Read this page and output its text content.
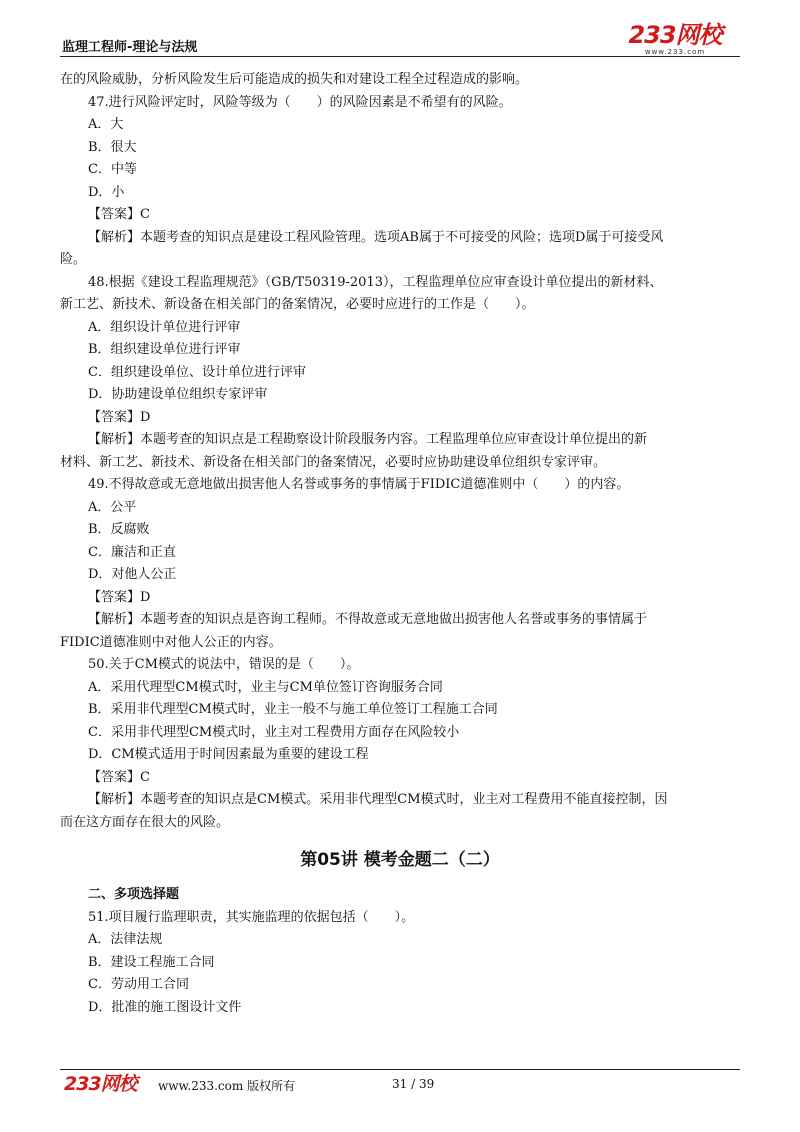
监理工程师-理论与法规	233网校
www.233.com
在的风险威胁，分析风险发生后可能造成的损失和对建设工程全过程造成的影响。
47.进行风险评定时，风险等级为（　　）的风险因素是不希望有的风险。
A．大
B．很大
C．中等
D．小
【答案】C
【解析】本题考查的知识点是建设工程风险管理。选项AB属于不可接受的风险；选项D属于可接受风
险。
48.根据《建设工程监理规范》（GB/T50319-2013），工程监理单位应审查设计单位提出的新材料、
新工艺、新技术、新设备在相关部门的备案情况，必要时应进行的工作是（　　）。
A．组织设计单位进行评审
B．组织建设单位进行评审
C．组织建设单位、设计单位进行评审
D．协助建设单位组织专家评审
【答案】D
【解析】本题考查的知识点是工程勘察设计阶段服务内容。工程监理单位应审查设计单位提出的新
材料、新工艺、新技术、新设备在相关部门的备案情况，必要时应协助建设单位组织专家评审。
49.不得故意或无意地做出损害他人名誉或事务的事情属于FIDIC道德准则中（　　）的内容。
A．公平
B．反腐败
C．廉洁和正直
D．对他人公正
【答案】D
【解析】本题考查的知识点是咨询工程师。不得故意或无意地做出损害他人名誉或事务的事情属于
FIDIC道德准则中对他人公正的内容。
50.关于CM模式的说法中，错误的是（　　）。
A．采用代理型CM模式时，业主与CM单位签订咨询服务合同
B．采用非代理型CM模式时，业主一般不与施工单位签订工程施工合同
C．采用非代理型CM模式时，业主对工程费用方面存在风险较小
D．CM模式适用于时间因素最为重要的建设工程
【答案】C
【解析】本题考查的知识点是CM模式。采用非代理型CM模式时，业主对工程费用不能直接控制，因
而在这方面存在很大的风险。
第05讲 模考金题二（二）
二、多项选择题
51.项目履行监理职责，其实施监理的依据包括（　　）。
A．法律法规
B．建设工程施工合同
C．劳动用工合同
D．批准的施工图设计文件
233网校 www.233.com 版权所有	31 / 39
